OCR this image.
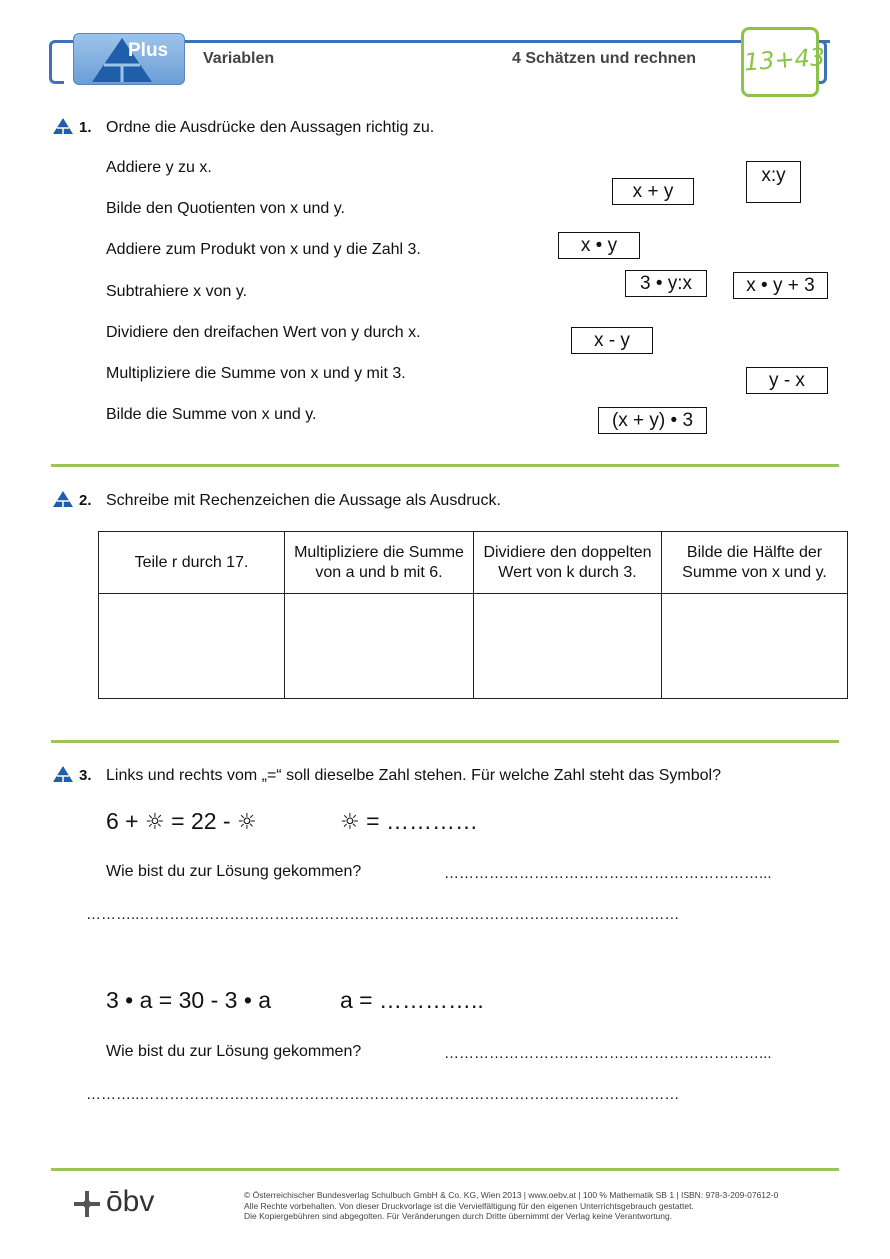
Plus Variablen	4 Schätzen und rechnen 13+43
1. Ordne die Ausdrücke den Aussagen richtig zu.
Addiere y zu x.
Bilde den Quotienten von x und y.
Addiere zum Produkt von x und y die Zahl 3.
Subtrahiere x von y.
Dividiere den dreifachen Wert von y durch x.
Multipliziere die Summe von x und y mit 3.
Bilde die Summe von x und y.
x:y
x + y
x • y
3 • y:x	x • y + 3
x - y
y - x
(x + y) • 3
2. Schreibe mit Rechenzeichen die Aussage als Ausdruck.
Teile r durch 17.	Multipliziere die Summe von a und b mit 6.	Dividiere den doppelten Wert von k durch 3.	Bilde die Hälfte der Summe von x und y.

3. Links und rechts vom „=“ soll dieselbe Zahl stehen. Für welche Zahl steht das Symbol?
6 + ☼ = 22 - ☼	☼ = …………
Wie bist du zur Lösung gekommen?	………………………………………………………...
………..………………………………………………………………………………………………
3 • a = 30 - 3 • a	a = …………..
Wie bist du zur Lösung gekommen?	………………………………………………………...
………..………………………………………………………………………………………………
ōbv	© Österreichischer Bundesverlag Schulbuch GmbH & Co. KG, Wien 2013 | www.oebv.at | 100 % Mathematik SB 1 | ISBN: 978-3-209-07612-0
Alle Rechte vorbehalten. Von dieser Druckvorlage ist die Vervielfältigung für den eigenen Unterrichtsgebrauch gestattet.
Die Kopiergebühren sind abgegolten. Für Veränderungen durch Dritte übernimmt der Verlag keine Verantwortung.
